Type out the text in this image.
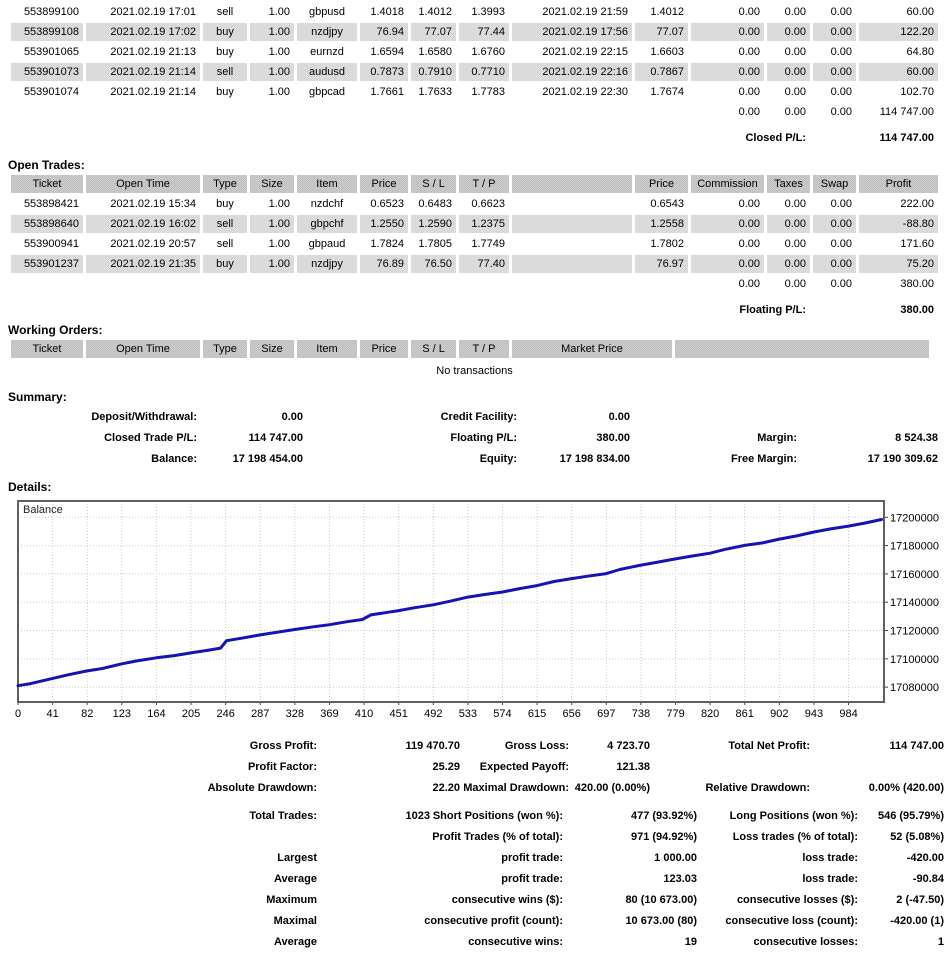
553899100	2021.02.19 17:01	sell	1.00	gbpusd	1.4018	1.4012	1.3993	2021.02.19 21:59	1.4012	0.00	0.00	0.00	60.00
553899108	2021.02.19 17:02	buy	1.00	nzdjpy	76.94	77.07	77.44	2021.02.19 17:56	77.07	0.00	0.00	0.00	122.20
553901065	2021.02.19 21:13	buy	1.00	eurnzd	1.6594	1.6580	1.6760	2021.02.19 22:15	1.6603	0.00	0.00	0.00	64.80
553901073	2021.02.19 21:14	sell	1.00	audusd	0.7873	0.7910	0.7710	2021.02.19 22:16	0.7867	0.00	0.00	0.00	60.00
553901074	2021.02.19 21:14	buy	1.00	gbpcad	1.7661	1.7633	1.7783	2021.02.19 22:30	1.7674	0.00	0.00	0.00	102.70
										0.00	0.00	0.00	114 747.00
Closed P/L:												114 747.00	
Open Trades:
Ticket	Open Time	Type	Size	Item	Price	S / L	T / P		Price	Commission	Taxes	Swap	Profit
553898421	2021.02.19 15:34	buy	1.00	nzdchf	0.6523	0.6483	0.6623		0.6543	0.00	0.00	0.00	222.00
553898640	2021.02.19 16:02	sell	1.00	gbpchf	1.2550	1.2590	1.2375		1.2558	0.00	0.00	0.00	-88.80
553900941	2021.02.19 20:57	sell	1.00	gbpaud	1.7824	1.7805	1.7749		1.7802	0.00	0.00	0.00	171.60
553901237	2021.02.19 21:35	buy	1.00	nzdjpy	76.89	76.50	77.40		76.97	0.00	0.00	0.00	75.20
										0.00	0.00	0.00	380.00
Floating P/L:												380.00	
Working Orders:
Ticket	Open Time	Type	Size	Item	Price	S / L	T / P	Market Price	
No transactions
Summary:
Deposit/Withdrawal:	0.00	Credit Facility:	0.00
Closed Trade P/L:	114 747.00	Floating P/L:	380.00	Margin:	8 524.38
Balance:	17 198 454.00	Equity:	17 198 834.00	Free Margin:	17 190 309.62
Details:
0 41 82 123 164 205 246 287 328 369 410 451 492 533 574 615 656 697 738 779 820 861 902 943 984
17080000
17100000
17120000
17140000
17160000
17180000
17200000
Balance
Gross Profit:	119 470.70	Gross Loss:	4 723.70	Total Net Profit:	114 747.00
Profit Factor:	25.29 Expected Payoff:	121.38
Absolute Drawdown:	22.20 Maximal Drawdown: 420.00 (0.00%)	Relative Drawdown:	0.00% (420.00)
Total Trades:	1023 Short Positions (won %):	477 (93.92%)	Long Positions (won %): 546 (95.79%)
Profit Trades (% of total):	971 (94.92%)	Loss trades (% of total):	52 (5.08%)
Largest	profit trade:	1 000.00	loss trade:	-420.00
Average	profit trade:	123.03	loss trade:	-90.84
Maximum	consecutive wins ($):	80 (10 673.00)	consecutive losses ($):	2 (-47.50)
Maximal	consecutive profit (count):	10 673.00 (80)	consecutive loss (count):	-420.00 (1)
Average	consecutive wins:	19	consecutive losses:	1
